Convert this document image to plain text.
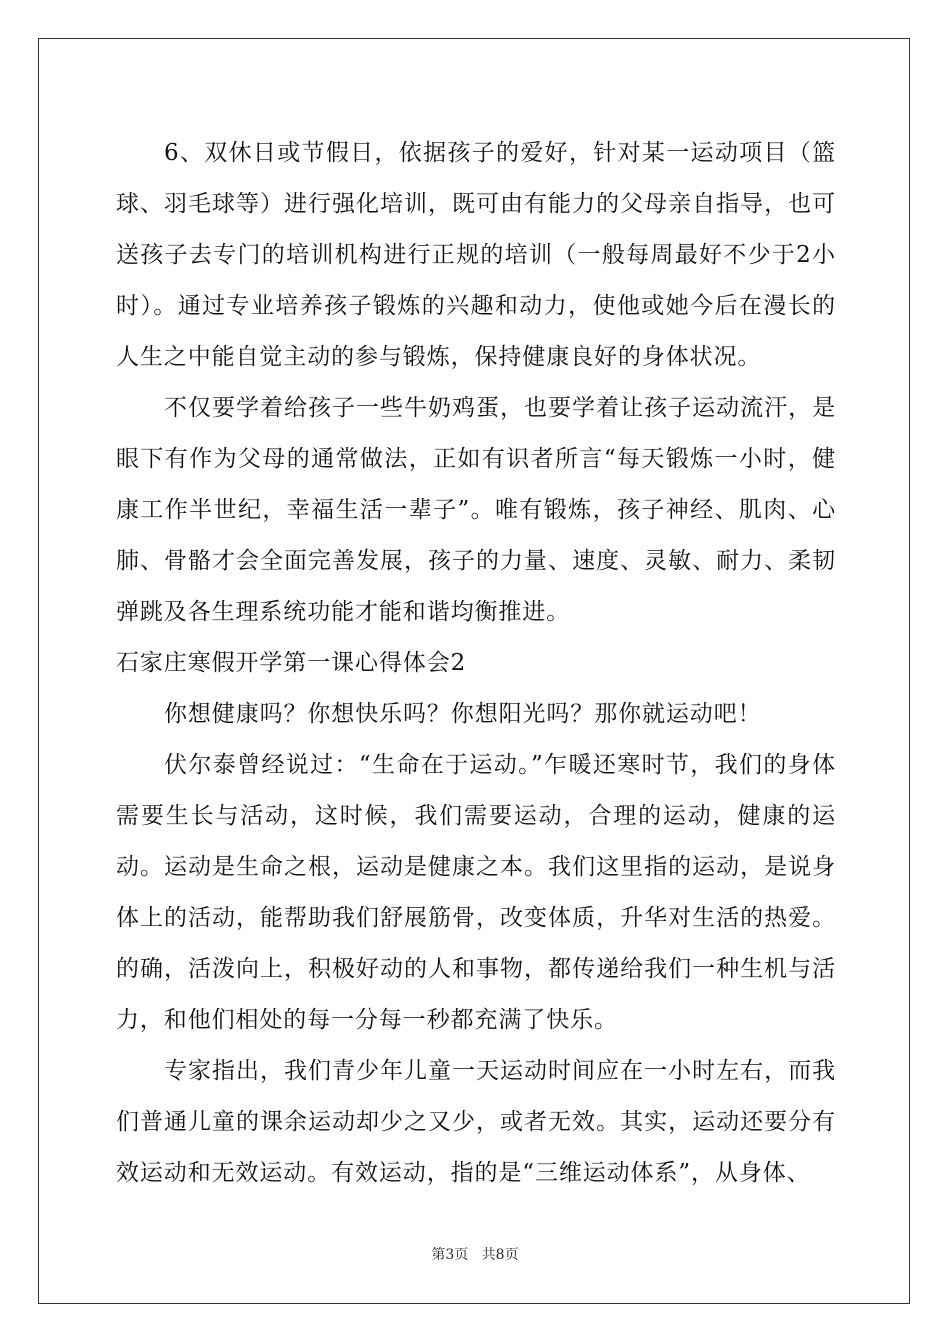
6、双休日或节假日，依据孩子的爱好，针对某一运动项目（篮球、羽毛球等）进行强化培训，既可由有能力的父母亲自指导，也可送孩子去专门的培训机构进行正规的培训（一般每周最好不少于2小时）。通过专业培养孩子锻炼的兴趣和动力，使他或她今后在漫长的人生之中能自觉主动的参与锻炼，保持健康良好的身体状况。

不仅要学着给孩子一些牛奶鸡蛋，也要学着让孩子运动流汗，是眼下有作为父母的通常做法，正如有识者所言“每天锻炼一小时，健康工作半世纪，幸福生活一辈子”。唯有锻炼，孩子神经、肌肉、心肺、骨骼才会全面完善发展，孩子的力量、速度、灵敏、耐力、柔韧弹跳及各生理系统功能才能和谐均衡推进。

石家庄寒假开学第一课心得体会2

你想健康吗？你想快乐吗？你想阳光吗？那你就运动吧！

伏尔泰曾经说过：“生命在于运动。”乍暖还寒时节，我们的身体需要生长与活动，这时候，我们需要运动，合理的运动，健康的运动。运动是生命之根，运动是健康之本。我们这里指的运动，是说身体上的活动，能帮助我们舒展筋骨，改变体质，升华对生活的热爱。的确，活泼向上，积极好动的人和事物，都传递给我们一种生机与活力，和他们相处的每一分每一秒都充满了快乐。

专家指出，我们青少年儿童一天运动时间应在一小时左右，而我们普通儿童的课余运动却少之又少，或者无效。其实，运动还要分有效运动和无效运动。有效运动，指的是“三维运动体系”，从身体、

第3页   共8页
